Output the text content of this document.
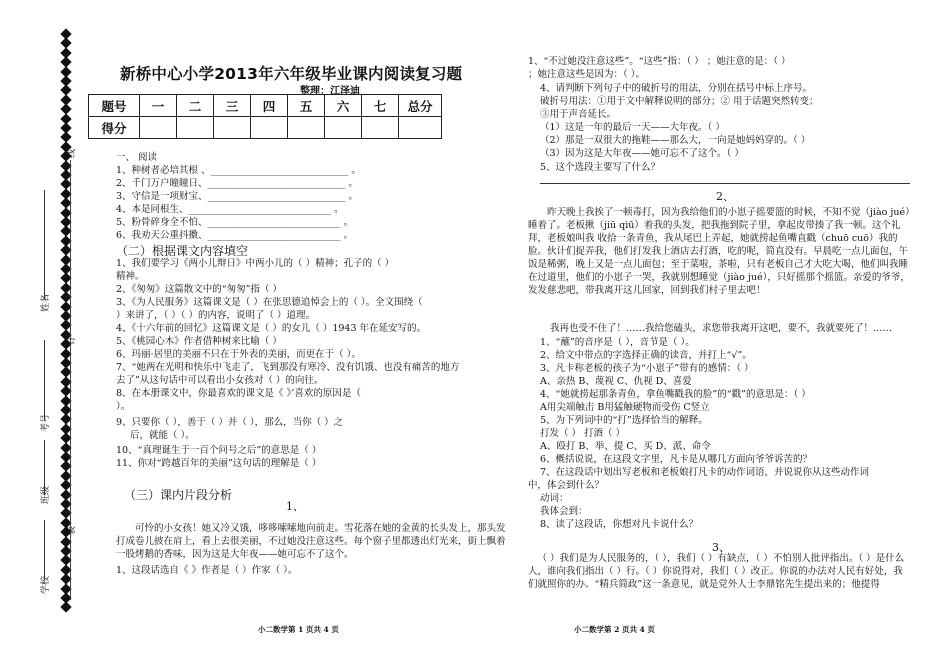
线
订
装
姓名
考号
班级
学校
新桥中心小学2013年六年级毕业课内阅读复习题
整理：江泽迪
题号	一	二	三	四	五	六	七	总分
得分								
一、 阅读
1、种树者必培其根 、_____________________________ 。
2、千门万户瞳瞳日、_____________________________ 。
3、守信是一项财宝、_____________________________ 。
4、本是同根生、______________________________ 。
5、粉骨碎身全不怕、____________________________ 。
6、我劝天公重抖擞、____________________________ 。
（二）根据课文内容填空
1、我们要学习《两小儿辩日》中两小儿的（ ）精神；孔子的（ ）
精神。
2、《匆匆》这篇散文中的“匆匆”指（ ）
3、《为人民服务》这篇课文是（ ）在张思德追悼会上的（ ）。全文围绕（
）来讲了，（ ）（ ）的内容，说明了（ ）道理。
4、《十六年前的回忆》这篇课文是（ ）的女儿（ ）1943 年在延安写的。
5、《桃园心木》作者借种树来比喻（ ）
6、玛丽·居里的美丽不只在于外表的美丽，而更在于（ ）。
7、“她两在光明和快乐中飞走了，飞到那没有寒冷、没有饥饿、也没有痛苦的地方
去了”从这句话中可以看出小女孩对（ ）的向往。
8、在本册课文中，你最喜欢的课文是《 》’喜欢的原因是（
）。
9、只要你（ ），善于（ ）并（ ），那么，当你（ ）之
后，就能（ ）。
10、“真理诞生于一百个问号之后”的意思是（ ）
11、你对“跨越百年的美丽”这句话的理解是（ ）
（三）课内片段分析
1、
可怜的小女孩！她又冷又饿，哆哆嗦嗦地向前走。雪花落在她的金黄的长头发上，那头发打成卷儿披在肩上，看上去很美丽，不过她没注意这些。每个窗子里都透出灯光来，街上飘着一股烤鹅的香味，因为这是大年夜——她可忘不了这个。
1、这段话选自《 》作者是（ ）作家（ ）。
1、“不过她没注意这些”。“这些”指：（ ） ；她注意的是：（ ）
；她注意这些是因为：（ ）。
4、请判断下列句子中的破折号的用法，分别在括号中标上序号。
破折号用法：①用于文中解释说明的部分；② 用于话题突然转变；
③用于声音延长。
（1）这是一年的最后一天——大年夜。（ ）
（2）那是一双很大的拖鞋——那么大，一向是她妈妈穿的。（ ）
（3）因为这是大年夜——她可忘不了这个。（ ）
5、这个选段主要写了什么？
2、
昨天晚上我挨了一顿毒打，因为我给他们的小崽子摇要篮的时候，不知不觉（jiào jué）睡着了。老板揪（jiū qiū）着我的头发，把我拖到院子里，拿起皮带揍了我一顿。这个礼拜，老板娘叫我 收拾一条青鱼，我从尾巴上弄起，她就捞起鱼嘴直戳（chuō cuō）我的脸。伙计们捉弄我，他们打发我上酒店去打酒，吃的呢，简直没有。早晨吃一点儿面包，午饭是稀粥，晚上又是一点儿面包；至于菜啦，茶啦，只有老板自己才大吃大喝，他们叫我睡在过道里，他们的小崽子一哭，我就别想睡觉（jiào jué），只好摇那个摇篮。亲爱的爷爷，发发慈悲吧，带我离开这儿回家，回到我们村子里去吧！
我再也受不住了！……我给您磕头，求您带我离开这吧，要不，我就要死了！……
1、“蘸”的音序是（ ），音节是（ ）。
2、给文中带点的字选择正确的读音，并打上“√”。
3、凡卡称老板的孩子为“小崽子”带有的感情：（ ）
A、亲热 B、蔑视 C、仇视 D、喜爱
4、“她就捞起那条青鱼，拿鱼嘴戳我的脸”的“戳”的意思是：（ ）
A用尖端触击 B用猛触硬物而受伤 C竖立
5、为下列词中的“打”选择恰当的解释。
打发（ ） 打酒（ ）
A、殴打 B、举、提 C、买 D、派、命令
6、概括说说，在这段文字里，凡卡是从哪几方面向爷爷诉苦的？
7、在这段话中划出写老板和老板娘打凡卡的动作词语，并说说你从这些动作词
中，体会到什么？
动词：
我体会到：
8、读了这段话，你想对凡卡说什么？
3、
（ ）我们是为人民服务的，（ ），我们（ ）有缺点，（ ）不怕别人批评指出。（ ）是什么人，谁向我们指出（ ）行。（ ）你说得对，我们（ ）改正。你说的办法对人民有好处，我们就照你的办。“精兵简政”这一条意见，就是党外人士李鼎铭先生提出来的；他提得
小二数学第 1 页共 4 页	小二数学第 2 页共 4 页
